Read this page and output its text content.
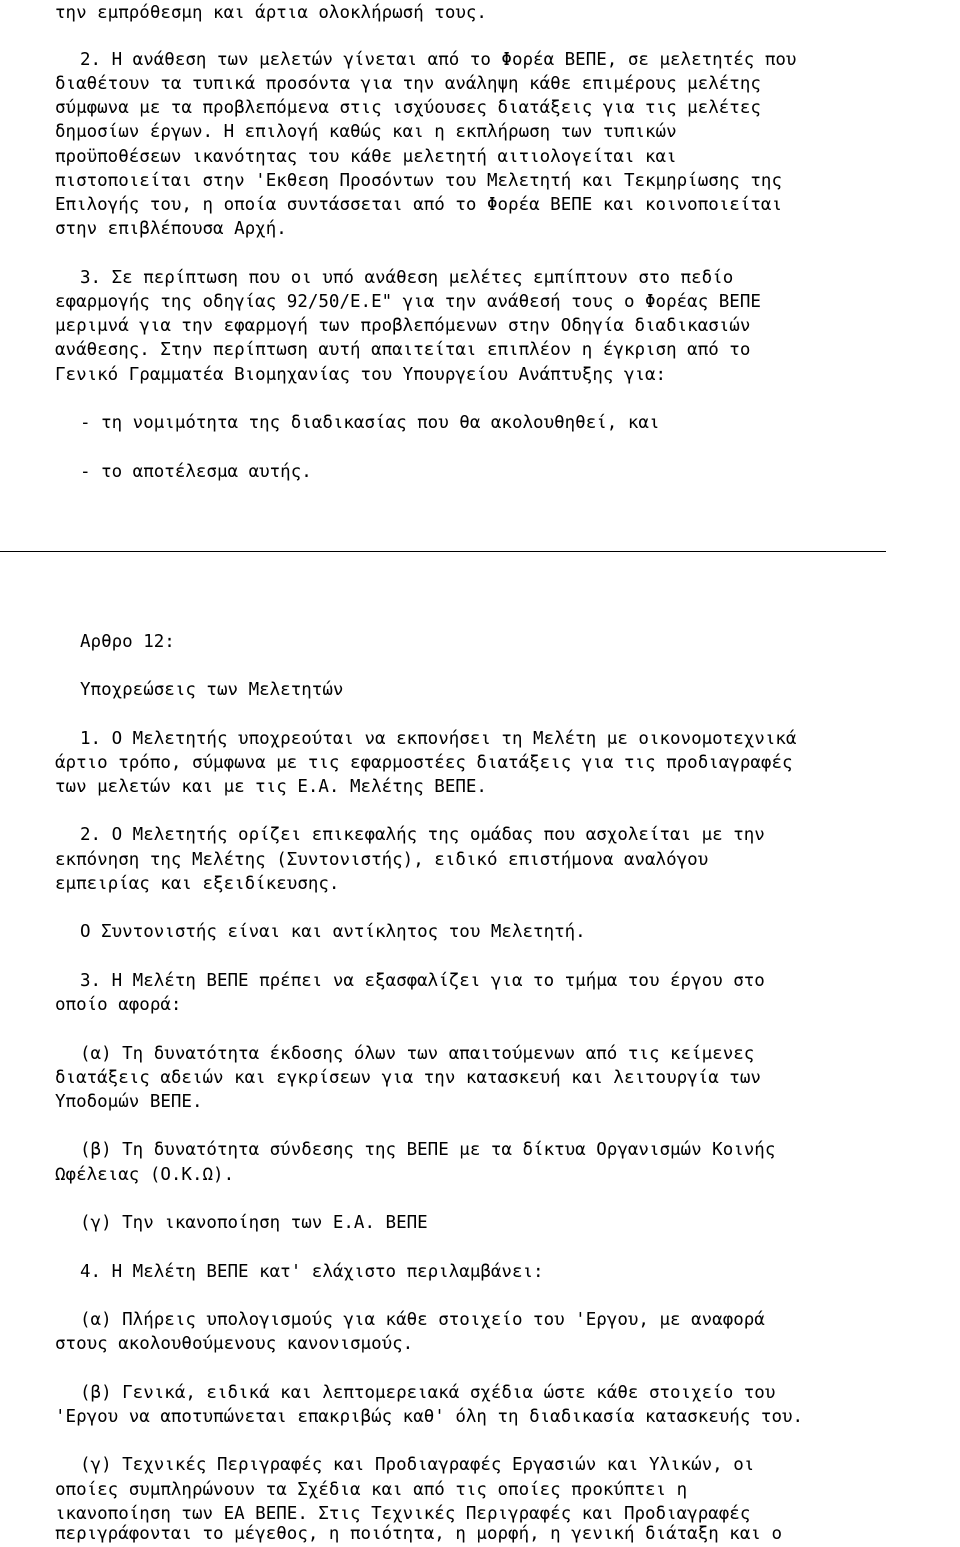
την εμπρόθεσμη και άρτια ολοκλήρωσή τους.
2. Η ανάθεση των μελετών γίνεται από το Φορέα ΒΕΠΕ, σε μελετητές που
διαθέτουν τα τυπικά προσόντα για την ανάληψη κάθε επιμέρους μελέτης
σύμφωνα με τα προβλεπόμενα στις ισχύουσες διατάξεις για τις μελέτες
δημοσίων έργων. Η επιλογή καθώς και η εκπλήρωση των τυπικών
προϋποθέσεων ικανότητας του κάθε μελετητή αιτιολογείται και
πιστοποιείται στην 'Εκθεση Προσόντων του Μελετητή και Τεκμηρίωσης της
Επιλογής του, η οποία συντάσσεται από το Φορέα ΒΕΠΕ και κοινοποιείται
στην επιβλέπουσα Αρχή.
3. Σε περίπτωση που οι υπό ανάθεση μελέτες εμπίπτουν στο πεδίο
εφαρμογής της οδηγίας 92/50/Ε.Ε" για την ανάθεσή τους ο Φορέας ΒΕΠΕ
μεριμνά για την εφαρμογή των προβλεπόμενων στην Οδηγία διαδικασιών
ανάθεσης. Στην περίπτωση αυτή απαιτείται επιπλέον η έγκριση από το
Γενικό Γραμματέα Βιομηχανίας του Υπουργείου Ανάπτυξης για:
- τη νομιμότητα της διαδικασίας που θα ακολουθηθεί, και
- το αποτέλεσμα αυτής.
Αρθρο 12:
Υποχρεώσεις των Μελετητών
1. Ο Μελετητής υποχρεούται να εκπονήσει τη Μελέτη με οικονομοτεχνικά
άρτιο τρόπο, σύμφωνα με τις εφαρμοστέες διατάξεις για τις προδιαγραφές
των μελετών και με τις Ε.Α. Μελέτης ΒΕΠΕ.
2. Ο Μελετητής ορίζει επικεφαλής της ομάδας που ασχολείται με την
εκπόνηση της Μελέτης (Συντονιστής), ειδικό επιστήμονα αναλόγου
εμπειρίας και εξειδίκευσης.
Ο Συντονιστής είναι και αντίκλητος του Μελετητή.
3. Η Μελέτη ΒΕΠΕ πρέπει να εξασφαλίζει για το τμήμα του έργου στο
οποίο αφορά:
(α) Τη δυνατότητα έκδοσης όλων των απαιτούμενων από τις κείμενες
διατάξεις αδειών και εγκρίσεων για την κατασκευή και λειτουργία των
Υποδομών ΒΕΠΕ.
(β) Τη δυνατότητα σύνδεσης της ΒΕΠΕ με τα δίκτυα Οργανισμών Κοινής
Ωφέλειας (Ο.Κ.Ω).
(γ) Την ικανοποίηση των Ε.Α. ΒΕΠΕ
4. Η Μελέτη ΒΕΠΕ κατ' ελάχιστο περιλαμβάνει:
(α) Πλήρεις υπολογισμούς για κάθε στοιχείο του 'Εργου, με αναφορά
στους ακολουθούμενους κανονισμούς.
(β) Γενικά, ειδικά και λεπτομερειακά σχέδια ώστε κάθε στοιχείο του
'Εργου να αποτυπώνεται επακριβώς καθ' όλη τη διαδικασία κατασκευής του.
(γ) Τεχνικές Περιγραφές και Προδιαγραφές Εργασιών και Υλικών, οι
οποίες συμπληρώνουν τα Σχέδια και από τις οποίες προκύπτει η
ικανοποίηση των ΕΑ ΒΕΠΕ. Στις Τεχνικές Περιγραφές και Προδιαγραφές
περιγράφονται το μέγεθος, η ποιότητα, η μορφή, η γενική διάταξη και ο
